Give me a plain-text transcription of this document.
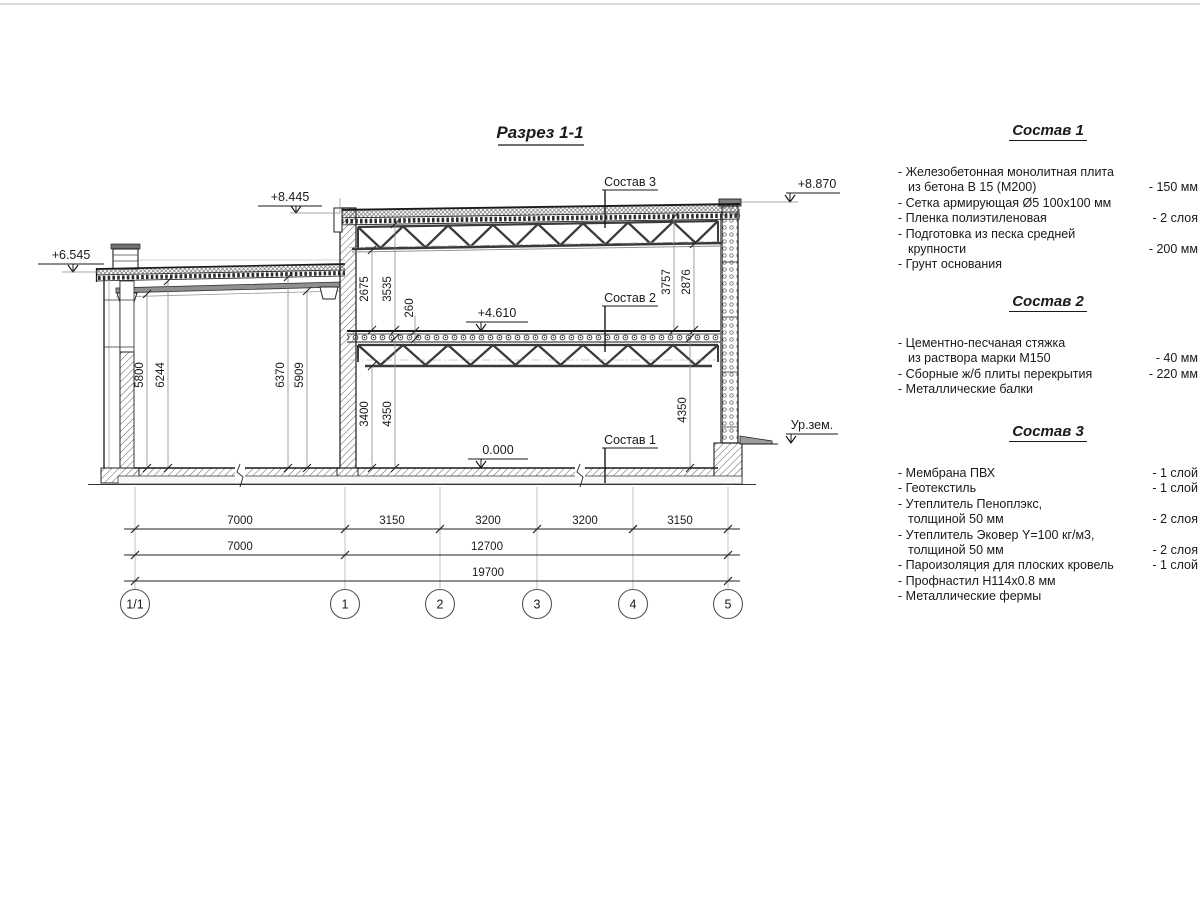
Разрез 1-1
+6.545
+8.445
+8.870
+4.610
0.000
Ур.зем.
Состав 3
Состав 2
Состав 1
5800 6244	6370 5909
2675 3535
260
3400 4350
3757 2876
4350
7000	3150	3200	3200	3150
7000	12700
19700
1/1	1	2	3	4	5
Состав 1
- Железобетонная монолитная плита
из бетона В 15 (М200)	- 150 мм
- Сетка армирующая Ø5 100x100 мм
- Пленка полиэтиленовая	- 2 слоя
- Подготовка из песка средней
крупности	- 200 мм
- Грунт основания
Состав 2
- Цементно-песчаная стяжка
из раствора марки М150	- 40 мм
- Сборные ж/б плиты перекрытия	- 220 мм
- Металлические балки
Состав 3
- Мембрана ПВХ	- 1 слой
- Геотекстиль	- 1 слой
- Утеплитель Пеноплэкс,
толщиной 50 мм	- 2 слоя
- Утеплитель Эковер Y=100 кг/м3,
толщиной 50 мм	- 2 слоя
- Пароизоляция для плоских кровель	- 1 слой
- Профнастил Н114х0.8 мм
- Металлические фермы
